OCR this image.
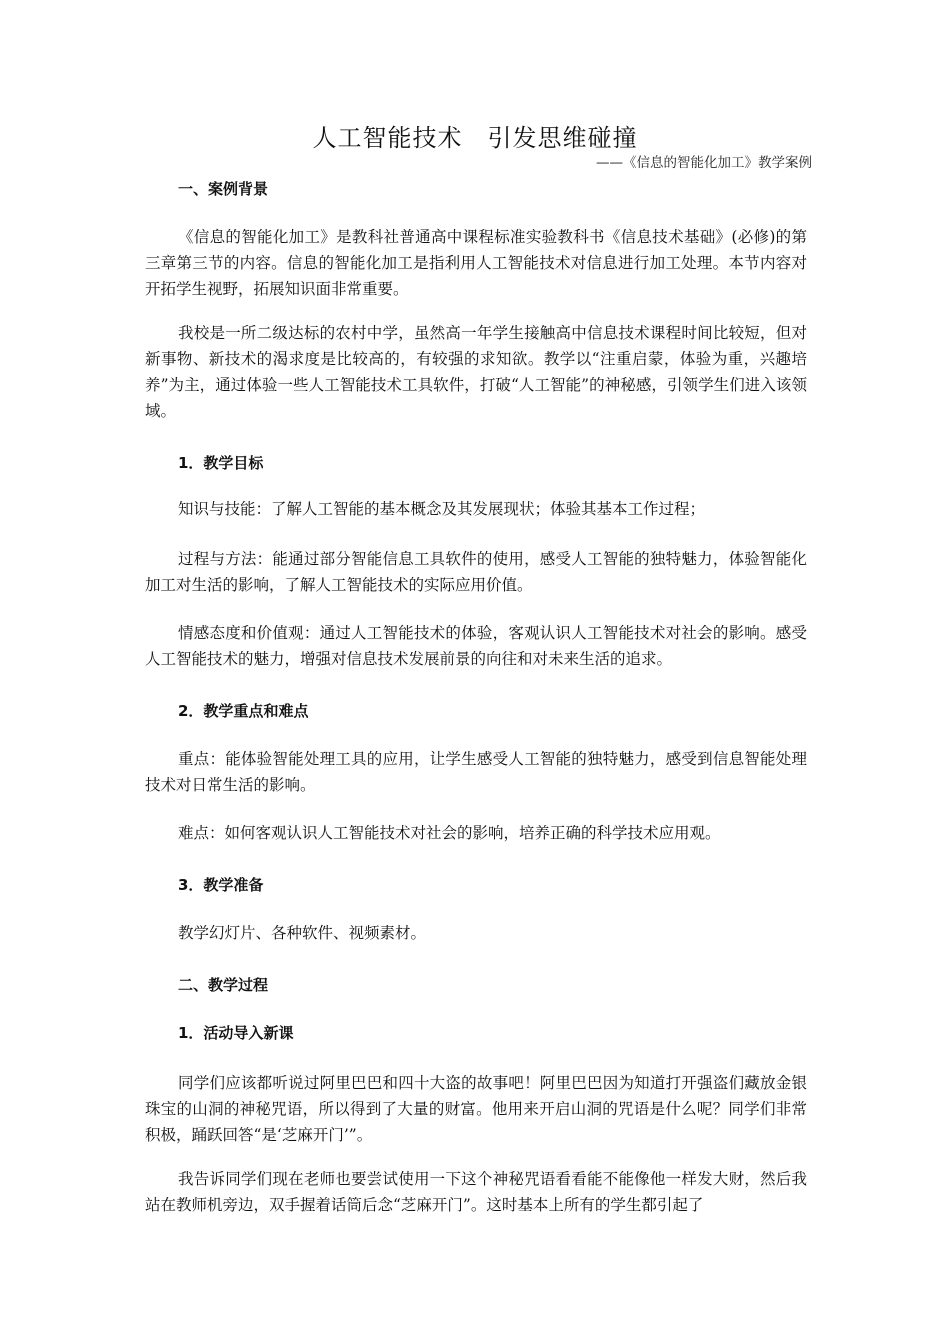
人工智能技术　引发思维碰撞
——《信息的智能化加工》教学案例
一、案例背景
《信息的智能化加工》是教科社普通高中课程标准实验教科书《信息技术基础》(必修)的第三章第三节的内容。信息的智能化加工是指利用人工智能技术对信息进行加工处理。本节内容对开拓学生视野，拓展知识面非常重要。
我校是一所二级达标的农村中学，虽然高一年学生接触高中信息技术课程时间比较短，但对新事物、新技术的渴求度是比较高的，有较强的求知欲。教学以“注重启蒙，体验为重，兴趣培养”为主，通过体验一些人工智能技术工具软件，打破“人工智能”的神秘感，引领学生们进入该领域。
1．教学目标
知识与技能：了解人工智能的基本概念及其发展现状；体验其基本工作过程；
过程与方法：能通过部分智能信息工具软件的使用，感受人工智能的独特魅力，体验智能化加工对生活的影响，了解人工智能技术的实际应用价值。
情感态度和价值观：通过人工智能技术的体验，客观认识人工智能技术对社会的影响。感受人工智能技术的魅力，增强对信息技术发展前景的向往和对未来生活的追求。
2．教学重点和难点
重点：能体验智能处理工具的应用，让学生感受人工智能的独特魅力，感受到信息智能处理技术对日常生活的影响。
难点：如何客观认识人工智能技术对社会的影响，培养正确的科学技术应用观。
3．教学准备
教学幻灯片、各种软件、视频素材。
二、教学过程
1．活动导入新课
同学们应该都听说过阿里巴巴和四十大盗的故事吧！阿里巴巴因为知道打开强盗们藏放金银珠宝的山洞的神秘咒语，所以得到了大量的财富。他用来开启山洞的咒语是什么呢？同学们非常积极，踊跃回答“是‘芝麻开门’”。
我告诉同学们现在老师也要尝试使用一下这个神秘咒语看看能不能像他一样发大财，然后我站在教师机旁边，双手握着话筒后念“芝麻开门”。这时基本上所有的学生都引起了
